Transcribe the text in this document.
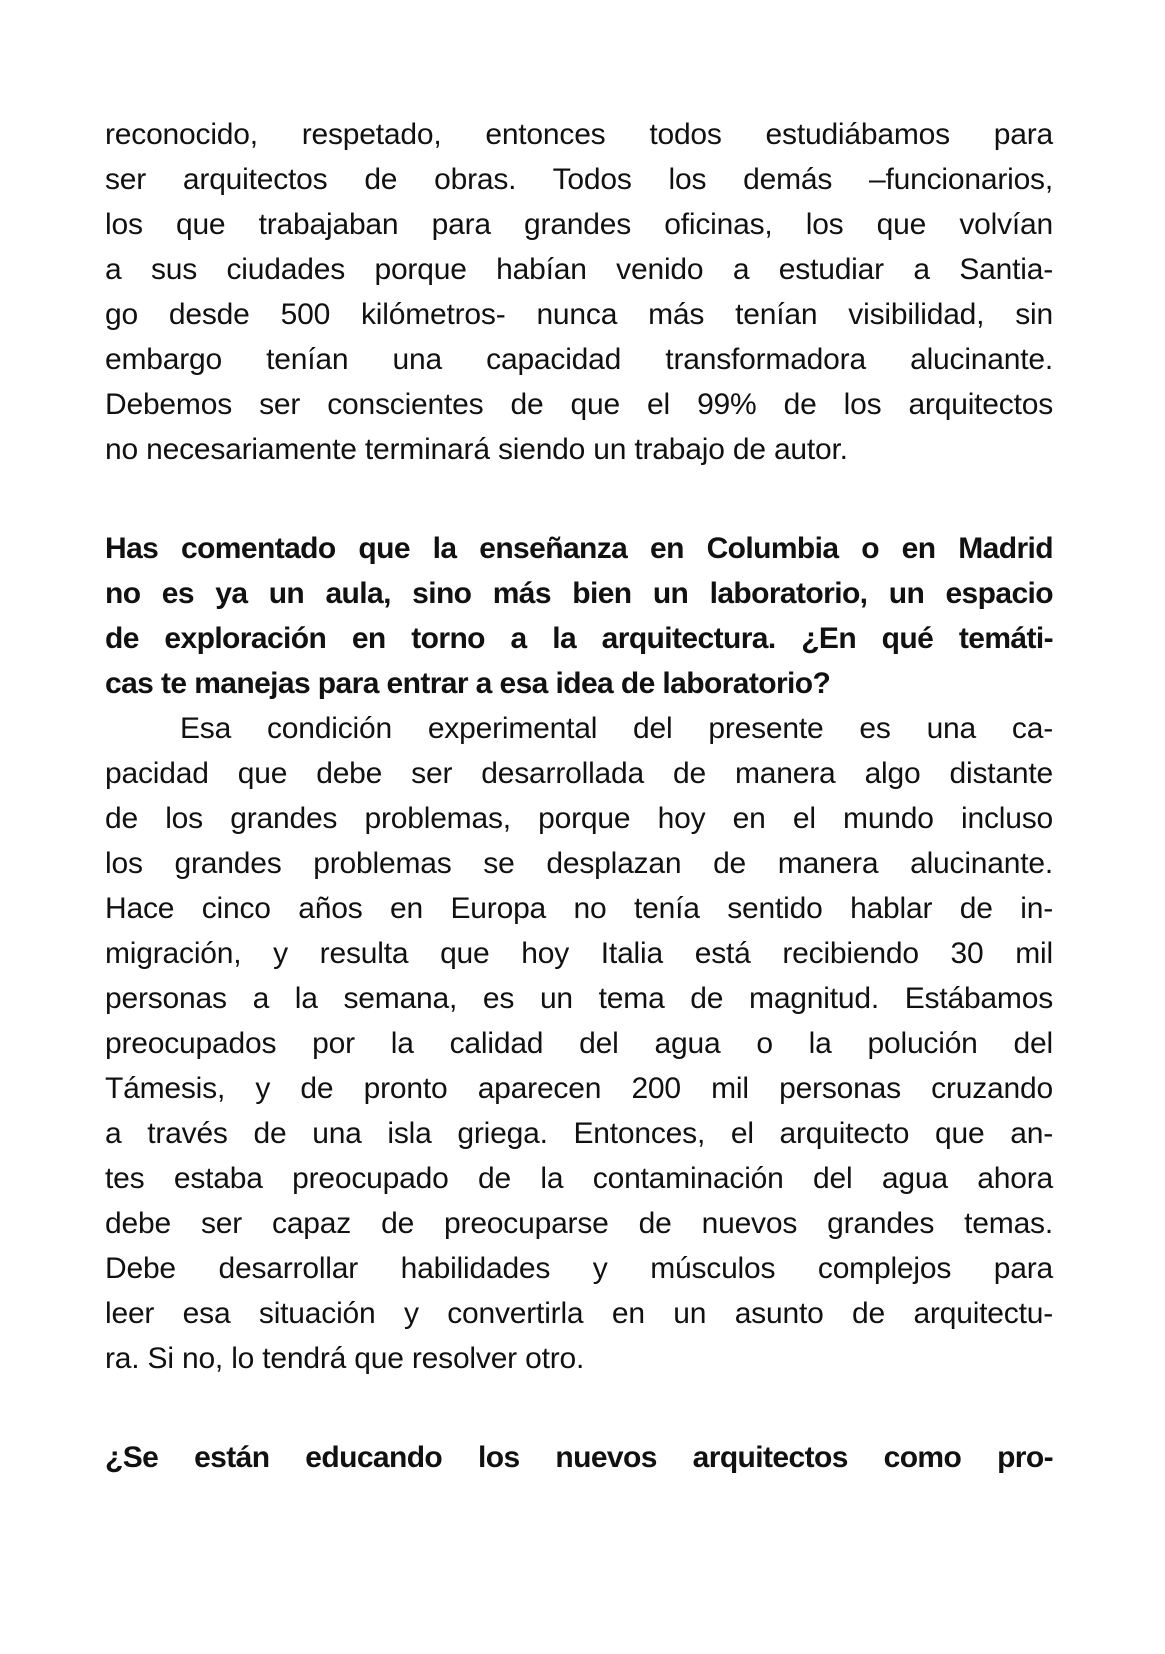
reconocido, respetado, entonces todos estudiábamos para
ser arquitectos de obras. Todos los demás –funcionarios,
los que trabajaban para grandes oficinas, los que volvían
a sus ciudades porque habían venido a estudiar a Santia-
go desde 500 kilómetros- nunca más tenían visibilidad, sin
embargo tenían una capacidad transformadora alucinante.
Debemos ser conscientes de que el 99% de los arquitectos
no necesariamente terminará siendo un trabajo de autor.
Has comentado que la enseñanza en Columbia o en Madrid
no es ya un aula, sino más bien un laboratorio, un espacio
de exploración en torno a la arquitectura. ¿En qué temáti-
cas te manejas para entrar a esa idea de laboratorio?
Esa condición experimental del presente es una ca-
pacidad que debe ser desarrollada de manera algo distante
de los grandes problemas, porque hoy en el mundo incluso
los grandes problemas se desplazan de manera alucinante.
Hace cinco años en Europa no tenía sentido hablar de in-
migración, y resulta que hoy Italia está recibiendo 30 mil
personas a la semana, es un tema de magnitud. Estábamos
preocupados por la calidad del agua o la polución del
Támesis, y de pronto aparecen 200 mil personas cruzando
a través de una isla griega. Entonces, el arquitecto que an-
tes estaba preocupado de la contaminación del agua ahora
debe ser capaz de preocuparse de nuevos grandes temas.
Debe desarrollar habilidades y músculos complejos para
leer esa situación y convertirla en un asunto de arquitectu-
ra. Si no, lo tendrá que resolver otro.
¿Se están educando los nuevos arquitectos como pro-
